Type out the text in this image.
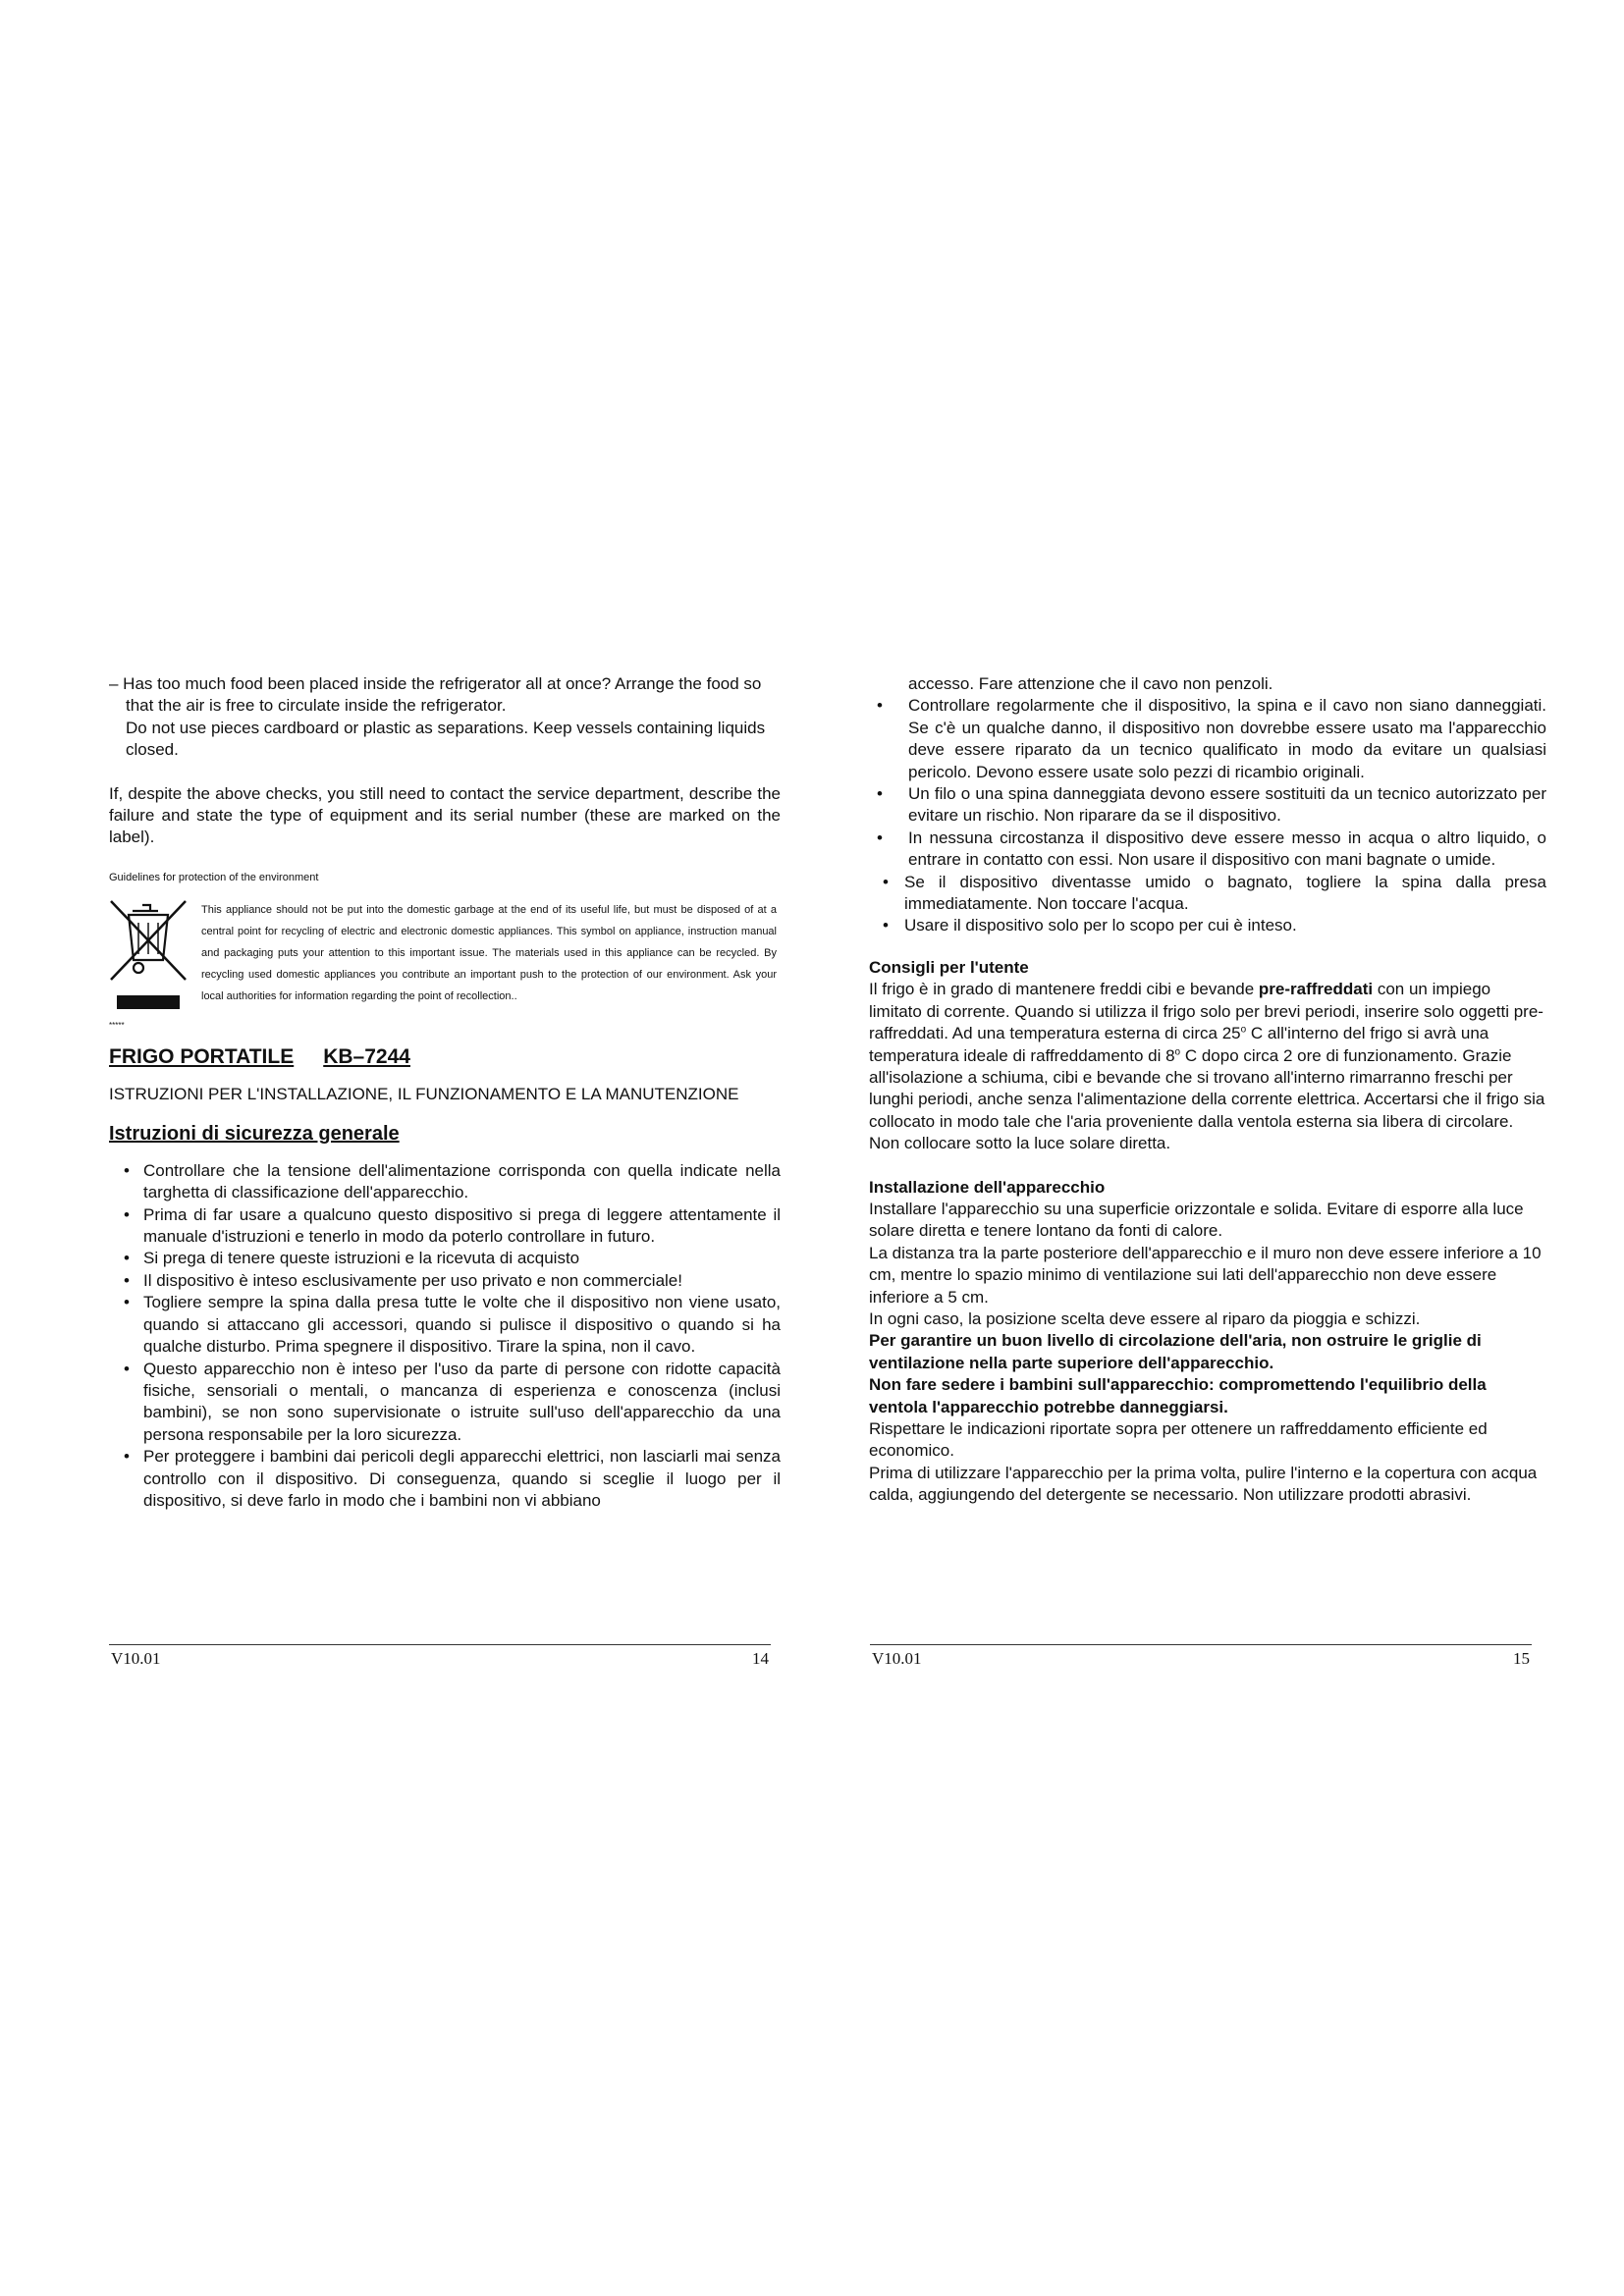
– Has too much food been placed inside the refrigerator all at once? Arrange the food so that the air is free to circulate inside the refrigerator.

Do not use pieces cardboard or plastic as separations. Keep vessels containing liquids closed.

If, despite the above checks, you still need to contact the service department, describe the failure and state the type of equipment and its serial number (these are marked on the label).

Guidelines for protection of the environment

This appliance should not be put into the domestic garbage at the end of its useful life, but must be disposed of at a central point for recycling of electric and electronic domestic appliances. This symbol on appliance, instruction manual and packaging puts your attention to this important issue. The materials used in this appliance can be recycled. By recycling used domestic appliances you contribute an important push to the protection of our environment. Ask your local authorities for information regarding the point of recollection..

*****
FRIGO PORTATILE KB–7244

ISTRUZIONI PER L'INSTALLAZIONE, IL FUNZIONAMENTO E LA MANUTENZIONE

Istruzioni di sicurezza generale

• Controllare che la tensione dell'alimentazione corrisponda con quella indicate nella targhetta di classificazione dell'apparecchio.
• Prima di far usare a qualcuno questo dispositivo si prega di leggere attentamente il manuale d'istruzioni e tenerlo in modo da poterlo controllare in futuro.
• Si prega di tenere queste istruzioni e la ricevuta di acquisto
• Il dispositivo è inteso esclusivamente per uso privato e non commerciale!
• Togliere sempre la spina dalla presa tutte le volte che il dispositivo non viene usato, quando si attaccano gli accessori, quando si pulisce il dispositivo o quando si ha qualche disturbo. Prima spegnere il dispositivo. Tirare la spina, non il cavo.
• Questo apparecchio non è inteso per l'uso da parte di persone con ridotte capacità fisiche, sensoriali o mentali, o mancanza di esperienza e conoscenza (inclusi bambini), se non sono supervisionate o istruite sull'uso dell'apparecchio da una persona responsabile per la loro sicurezza.
• Per proteggere i bambini dai pericoli degli apparecchi elettrici, non lasciarli mai senza controllo con il dispositivo. Di conseguenza, quando si sceglie il luogo per il dispositivo, si deve farlo in modo che i bambini non vi abbiano

accesso. Fare attenzione che il cavo non penzoli.

• Controllare regolarmente che il dispositivo, la spina e il cavo non siano danneggiati. Se c'è un qualche danno, il dispositivo non dovrebbe essere usato ma l'apparecchio deve essere riparato da un tecnico qualificato in modo da evitare un qualsiasi pericolo. Devono essere usate solo pezzi di ricambio originali.
• Un filo o una spina danneggiata devono essere sostituiti da un tecnico autorizzato per evitare un rischio. Non riparare da se il dispositivo.
• In nessuna circostanza il dispositivo deve essere messo in acqua o altro liquido, o entrare in contatto con essi. Non usare il dispositivo con mani bagnate o umide.
• Se il dispositivo diventasse umido o bagnato, togliere la spina dalla presa immediatamente. Non toccare l'acqua.
• Usare il dispositivo solo per lo scopo per cui è inteso.

Consigli per l'utente

Il frigo è in grado di mantenere freddi cibi e bevande pre-raffreddati con un impiego limitato di corrente. Quando si utilizza il frigo solo per brevi periodi, inserire solo oggetti pre-raffreddati. Ad una temperatura esterna di circa 25$^o$ C all'interno del frigo si avrà una temperatura ideale di raffreddamento di 8$^o$ C dopo circa 2 ore di funzionamento. Grazie all'isolazione a schiuma, cibi e bevande che si trovano all'interno rimarranno freschi per lunghi periodi, anche senza l'alimentazione della corrente elettrica. Accertarsi che il frigo sia collocato in modo tale che l'aria proveniente dalla ventola esterna sia libera di circolare. Non collocare sotto la luce solare diretta.

Installazione dell'apparecchio

Installare l'apparecchio su una superficie orizzontale e solida. Evitare di esporre alla luce solare diretta e tenere lontano da fonti di calore.

La distanza tra la parte posteriore dell'apparecchio e il muro non deve essere inferiore a 10 cm, mentre lo spazio minimo di ventilazione sui lati dell'apparecchio non deve essere inferiore a 5 cm.

In ogni caso, la posizione scelta deve essere al riparo da pioggia e schizzi.

Per garantire un buon livello di circolazione dell'aria, non ostruire le griglie di ventilazione nella parte superiore dell'apparecchio.

Non fare sedere i bambini sull'apparecchio: compromettendo l'equilibrio della ventola l'apparecchio potrebbe danneggiarsi.

Rispettare le indicazioni riportate sopra per ottenere un raffreddamento efficiente ed economico.

Prima di utilizzare l'apparecchio per la prima volta, pulire l'interno e la copertura con acqua calda, aggiungendo del detergente se necessario. Non utilizzare prodotti abrasivi.

V10.01	14	V10.01	15
